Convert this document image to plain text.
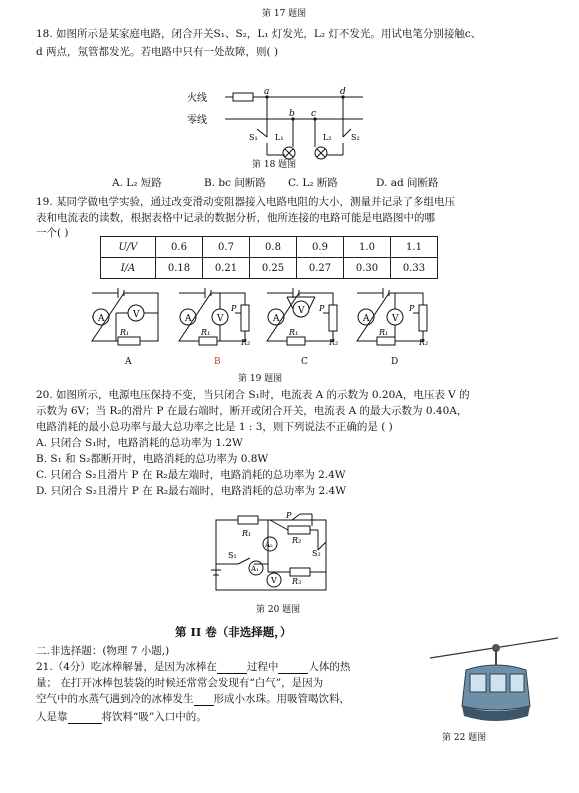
第 17 题图
18. 如图所示是某家庭电路，闭合开关S₁、S₂，L₁ 灯发光，L₂ 灯不发光。用试电笔分别接触c、
d 两点，氖管都发光。若电路中只有一处故障，则( )
火线
零线
a
b c
d
S₁ L₁	L₂ S₂
第 18 题图
A. L₂ 短路	B. bc 间断路 C. L₂ 断路	D. ad 间断路
19. 某同学做电学实验，通过改变滑动变阻器接入电路电阻的大小，测量并记录了多组电压
表和电流表的读数，根据表格中记录的数据分析，他所连接的电路可能是电路图中的哪
一个( )
U/V	0.6	0.7	0.8	0.9	1.0	1.1
I/A	0.18	0.21	0.25	0.27	0.30	0.33
A	V
R₁
A	V
P
R₁
R₂
A
V P
R₁
R₂
A	V
P
R₁
R₂
A	B	C	D
第 19 题图
20. 如图所示，电源电压保持不变，当只闭合 S₁时，电流表 A 的示数为 0.20A，电压表 V 的
示数为 6V；当 R₂的滑片 P 在最右端时，断开或闭合开关，电流表 A 的最大示数为 0.40A，
电路消耗的最小总功率与最大总功率之比是 1 : 3，则下列说法不正确的是 ( )
A. 只闭合 S₁时，电路消耗的总功率为 1.2W
B. S₁ 和 S₂都断开时，电路消耗的总功率为 0.8W
C. 只闭合 S₂且滑片 P 在 R₂最左端时，电路消耗的总功率为 2.4W
D. 只闭合 S₂且滑片 P 在 R₂最右端时，电路消耗的总功率为 2.4W
R₁
R₂
R₃
P
S₁	S₂
A₂
A₁
V
第 20 题图
第 II 卷（非选择题，）
二.非选择题：(物理 7 小题,)
21.（4分）吃冰棒解暑，是因为冰棒在	过程中	人体的热
量； 在打开冰棒包装袋的时候还常常会发现有“白气”，是因为
空气中的水蒸气遇到冷的冰棒发生 形成小水珠。用吸管喝饮料，
人是靠	将饮料“吸”入口中的。
第 22 题图
